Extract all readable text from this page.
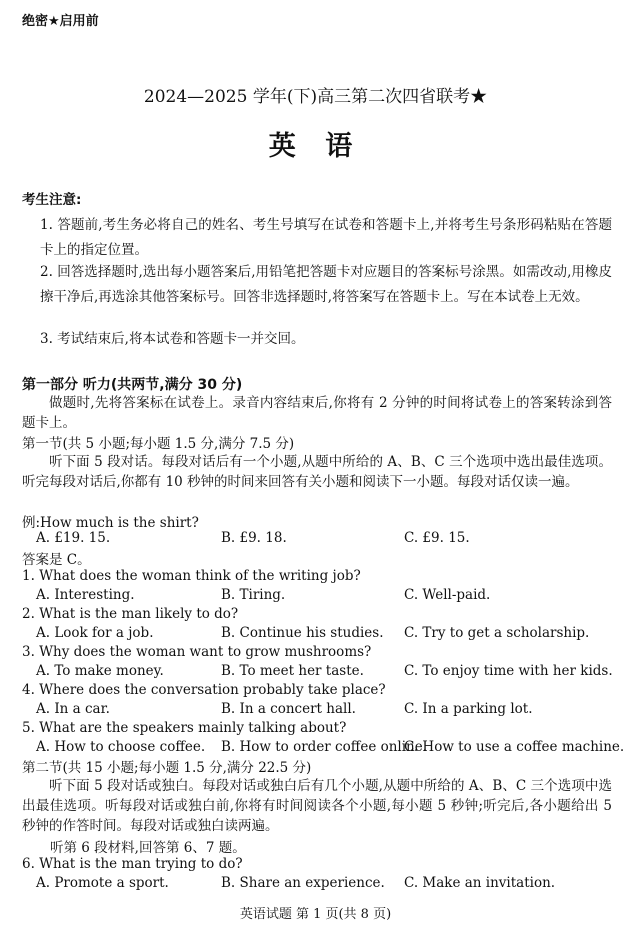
绝密★启用前
2024—2025 学年(下)高三第二次四省联考★
英 语
考生注意:
1. 答题前,考生务必将自己的姓名、考生号填写在试卷和答题卡上,并将考生号条形码粘贴在答题卡上的指定位置。
2. 回答选择题时,选出每小题答案后,用铅笔把答题卡对应题目的答案标号涂黑。如需改动,用橡皮擦干净后,再选涂其他答案标号。回答非选择题时,将答案写在答题卡上。写在本试卷上无效。
3. 考试结束后,将本试卷和答题卡一并交回。
第一部分 听力(共两节,满分 30 分)
做题时,先将答案标在试卷上。录音内容结束后,你将有 2 分钟的时间将试卷上的答案转涂到答题卡上。
第一节(共 5 小题;每小题 1.5 分,满分 7.5 分)
听下面 5 段对话。每段对话后有一个小题,从题中所给的 A、B、C 三个选项中选出最佳选项。听完每段对话后,你都有 10 秒钟的时间来回答有关小题和阅读下一小题。每段对话仅读一遍。
例:How much is the shirt?
A. £19. 15.	B. £9. 18.	C. £9. 15.
答案是 C。
1. What does the woman think of the writing job?
A. Interesting.	B. Tiring.	C. Well-paid.
2. What is the man likely to do?
A. Look for a job.	B. Continue his studies. C. Try to get a scholarship.
3. Why does the woman want to grow mushrooms?
A. To make money.	B. To meet her taste.	C. To enjoy time with her kids.
4. Where does the conversation probably take place?
A. In a car.	B. In a concert hall.	C. In a parking lot.
5. What are the speakers mainly talking about?
A. How to choose coffee. B. How to order coffee online.
C. How to use a coffee machine.
第二节(共 15 小题;每小题 1.5 分,满分 22.5 分)
听下面 5 段对话或独白。每段对话或独白后有几个小题,从题中所给的 A、B、C 三个选项中选出最佳选项。听每段对话或独白前,你将有时间阅读各个小题,每小题 5 秒钟;听完后,各小题给出 5 秒钟的作答时间。每段对话或独白读两遍。
听第 6 段材料,回答第 6、7 题。
6. What is the man trying to do?
A. Promote a sport.	B. Share an experience. C. Make an invitation.
英语试题 第 1 页(共 8 页)
